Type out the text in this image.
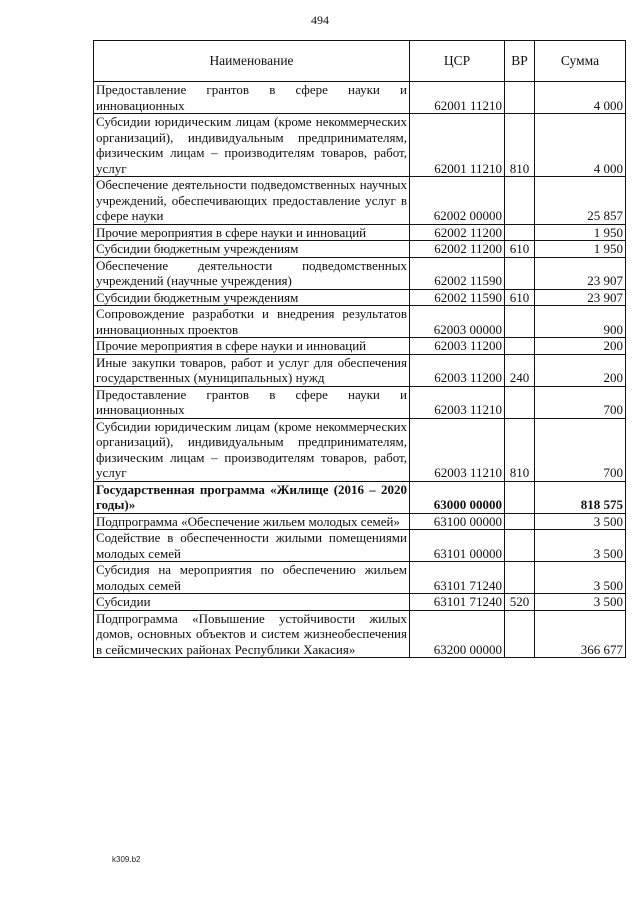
494
Наименование	ЦСР	ВР	Сумма
Предоставление грантов в сфере науки и инновационных	62001 11210		4 000
Субсидии юридическим лицам (кроме некоммерческих организаций), индивидуальным предпринимателям, физическим лицам – производителям товаров, работ, услуг	62001 11210	810	4 000
Обеспечение деятельности подведомственных научных учреждений, обеспечивающих предоставление услуг в сфере науки	62002 00000		25 857
Прочие мероприятия в сфере науки и инноваций	62002 11200		1 950
Субсидии бюджетным учреждениям	62002 11200	610	1 950
Обеспечение деятельности подведомственных учреждений (научные учреждения)	62002 11590		23 907
Субсидии бюджетным учреждениям	62002 11590	610	23 907
Сопровождение разработки и внедрения результатов инновационных проектов	62003 00000		900
Прочие мероприятия в сфере науки и инноваций	62003 11200		200
Иные закупки товаров, работ и услуг для обеспечения государственных (муниципальных) нужд	62003 11200	240	200
Предоставление грантов в сфере науки и инновационных	62003 11210		700
Субсидии юридическим лицам (кроме некоммерческих организаций), индивидуальным предпринимателям, физическим лицам – производителям товаров, работ, услуг	62003 11210	810	700
Государственная программа «Жилище (2016 – 2020 годы)»	63000 00000		818 575
Подпрограмма «Обеспечение жильем молодых семей»	63100 00000		3 500
Содействие в обеспеченности жилыми помещениями молодых семей	63101 00000		3 500
Субсидия на мероприятия по обеспечению жильем молодых семей	63101 71240		3 500
Субсидии	63101 71240	520	3 500
Подпрограмма «Повышение устойчивости жилых домов, основных объектов и систем жизнеобеспечения в сейсмических районах Республики Хакасия»	63200 00000		366 677
k309.b2
